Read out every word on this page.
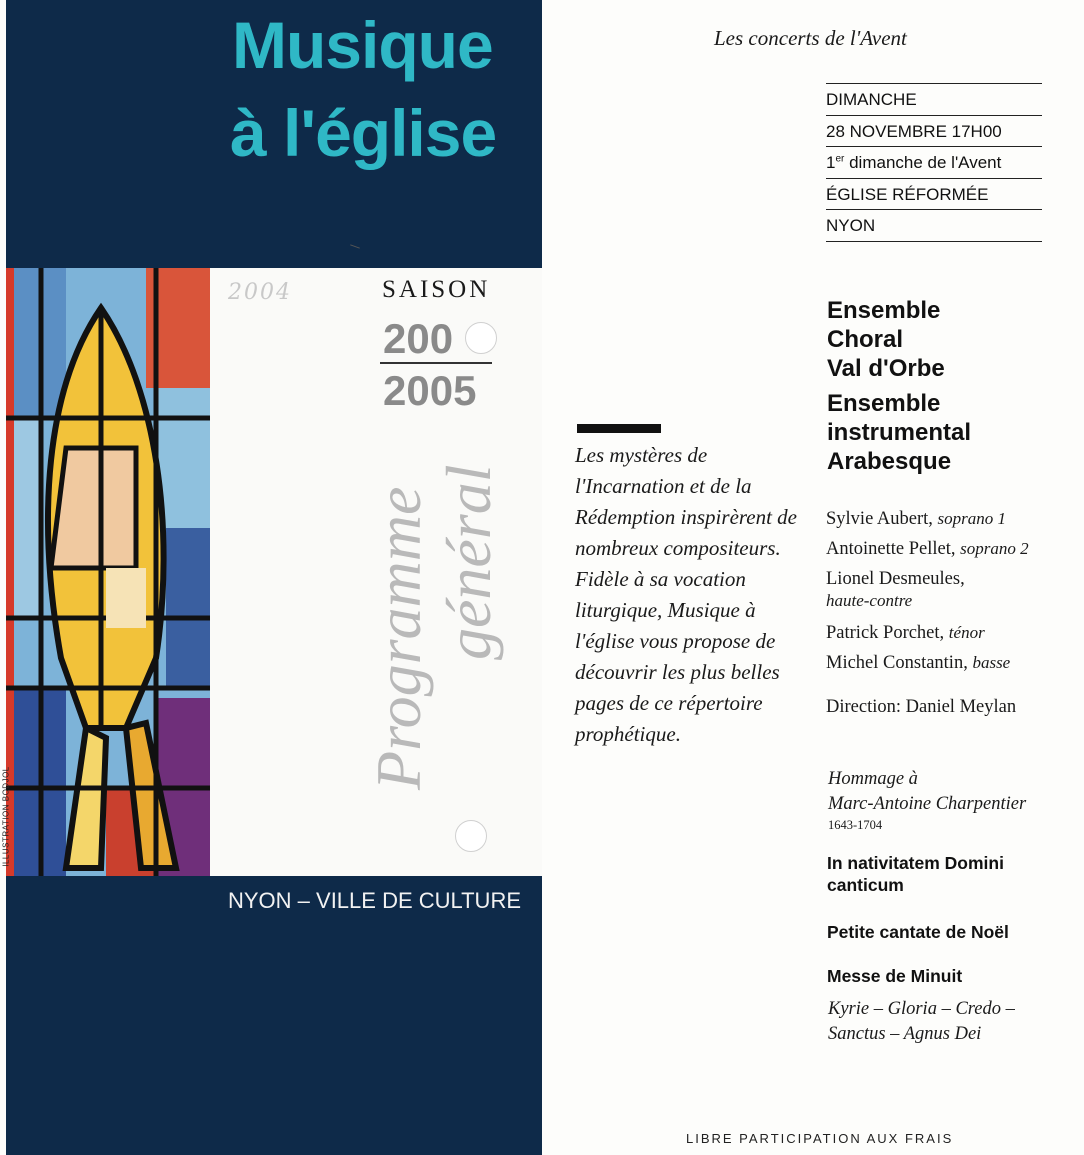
Musique
à l'église
ILLUSTRATION BODJOL
2004	SAISON
200
2005
Programme général
NYON – VILLE DE CULTURE
Les mystères de l'Incarnation et de la Rédemption inspirèrent de nombreux compositeurs. Fidèle à sa vocation liturgique, Musique à l'église vous propose de découvrir les plus belles pages de ce répertoire prophétique.
Les concerts de l'Avent
DIMANCHE
28 NOVEMBRE 17H00
1er dimanche de l'Avent
ÉGLISE RÉFORMÉE
NYON
Ensemble
Choral
Val d'Orbe
Ensemble
instrumental
Arabesque
Sylvie Aubert, soprano 1
Antoinette Pellet, soprano 2
Lionel Desmeules,
haute-contre
Patrick Porchet, ténor
Michel Constantin, basse
Direction: Daniel Meylan
Hommage à
Marc-Antoine Charpentier
1643-1704
In nativitatem Domini canticum
Petite cantate de Noël
Messe de Minuit
Kyrie – Gloria – Credo –
Sanctus – Agnus Dei
LIBRE PARTICIPATION AUX FRAIS
